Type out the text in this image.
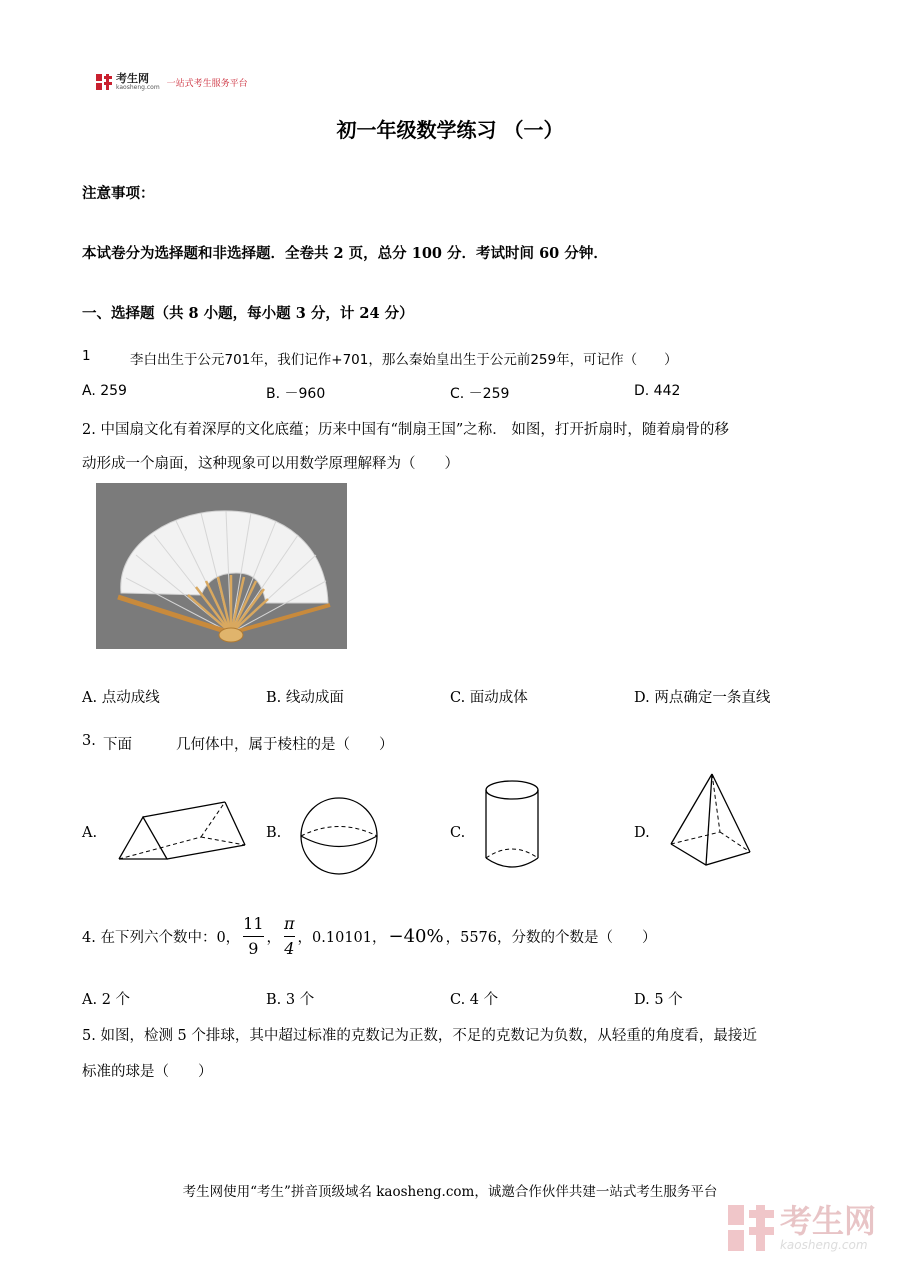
考生网
kaosheng.com 一站式考生服务平台
初一年级数学练习 （一）
注意事项：
本试卷分为选择题和非选择题．全卷共 2 页，总分 100 分．考试时间 60 分钟．
一、选择题（共 8 小题，每小题 3 分，计 24 分）
1	李白出生于公元701年，我们记作+701，那么秦始皇出生于公元前259年，可记作（　　）
A. 259	B. －960	C. －259	D. 442
2. 中国扇文化有着深厚的文化底蕴；历来中国有“制扇王国”之称． 如图，打开折扇时，随着扇骨的移
动形成一个扇面，这种现象可以用数学原理解释为（　　）
A. 点动成线	B. 线动成面	C. 面动成体	D. 两点确定一条直线
3. 下面	几何体中，属于棱柱的是（　　）
A.	B.	C.	D.
4. 在下列六个数中：0， $\frac{11}{9}$ ， $\frac{\pi}{4}$ ，0.10101， −40% ，5576，分数的个数是（　　）
A. 2 个	B. 3 个	C. 4 个	D. 5 个
5. 如图，检测 5 个排球，其中超过标准的克数记为正数，不足的克数记为负数，从轻重的角度看，最接近
标准的球是（　　）
考生网使用“考生”拼音顶级域名 kaosheng.com，诚邀合作伙伴共建一站式考生服务平台
考生网
kaosheng.com
